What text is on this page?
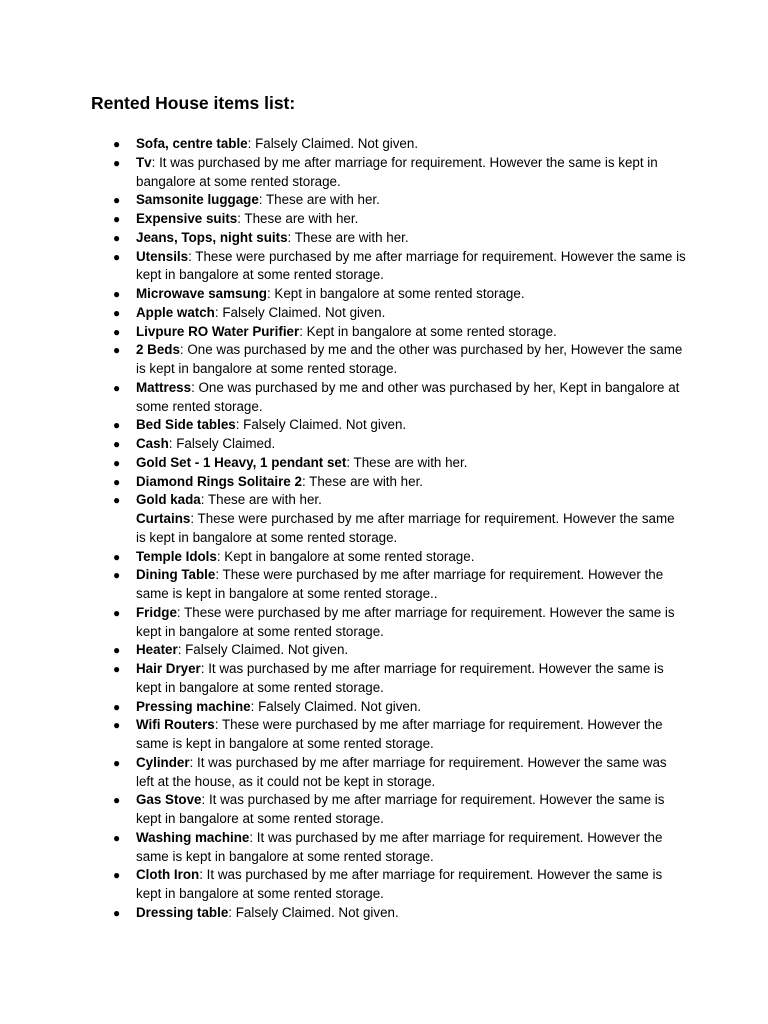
Rented House items list:
● Sofa, centre table: Falsely Claimed. Not given.
● Tv: It was purchased by me after marriage for requirement. However the same is kept in bangalore at some rented storage.
● Samsonite luggage: These are with her.
● Expensive suits: These are with her.
● Jeans, Tops, night suits: These are with her.
● Utensils: These were purchased by me after marriage for requirement. However the same is kept in bangalore at some rented storage.
● Microwave samsung: Kept in bangalore at some rented storage.
● Apple watch: Falsely Claimed. Not given.
● Livpure RO Water Purifier: Kept in bangalore at some rented storage.
● 2 Beds: One was purchased by me and the other was purchased by her, However the same is kept in bangalore at some rented storage.
● Mattress: One was purchased by me and other was purchased by her, Kept in bangalore at some rented storage.
● Bed Side tables: Falsely Claimed. Not given.
● Cash: Falsely Claimed.
● Gold Set - 1 Heavy, 1 pendant set: These are with her.
● Diamond Rings Solitaire 2: These are with her.
● Gold kada: These are with her.
Curtains: These were purchased by me after marriage for requirement. However the same is kept in bangalore at some rented storage.
● Temple Idols: Kept in bangalore at some rented storage.
● Dining Table: These were purchased by me after marriage for requirement. However the same is kept in bangalore at some rented storage..
● Fridge: These were purchased by me after marriage for requirement. However the same is kept in bangalore at some rented storage.
● Heater: Falsely Claimed. Not given.
● Hair Dryer: It was purchased by me after marriage for requirement. However the same is kept in bangalore at some rented storage.
● Pressing machine: Falsely Claimed. Not given.
● Wifi Routers: These were purchased by me after marriage for requirement. However the same is kept in bangalore at some rented storage.
● Cylinder: It was purchased by me after marriage for requirement. However the same was left at the house, as it could not be kept in storage.
● Gas Stove: It was purchased by me after marriage for requirement. However the same is kept in bangalore at some rented storage.
● Washing machine: It was purchased by me after marriage for requirement. However the same is kept in bangalore at some rented storage.
● Cloth Iron: It was purchased by me after marriage for requirement. However the same is kept in bangalore at some rented storage.
● Dressing table: Falsely Claimed. Not given.
